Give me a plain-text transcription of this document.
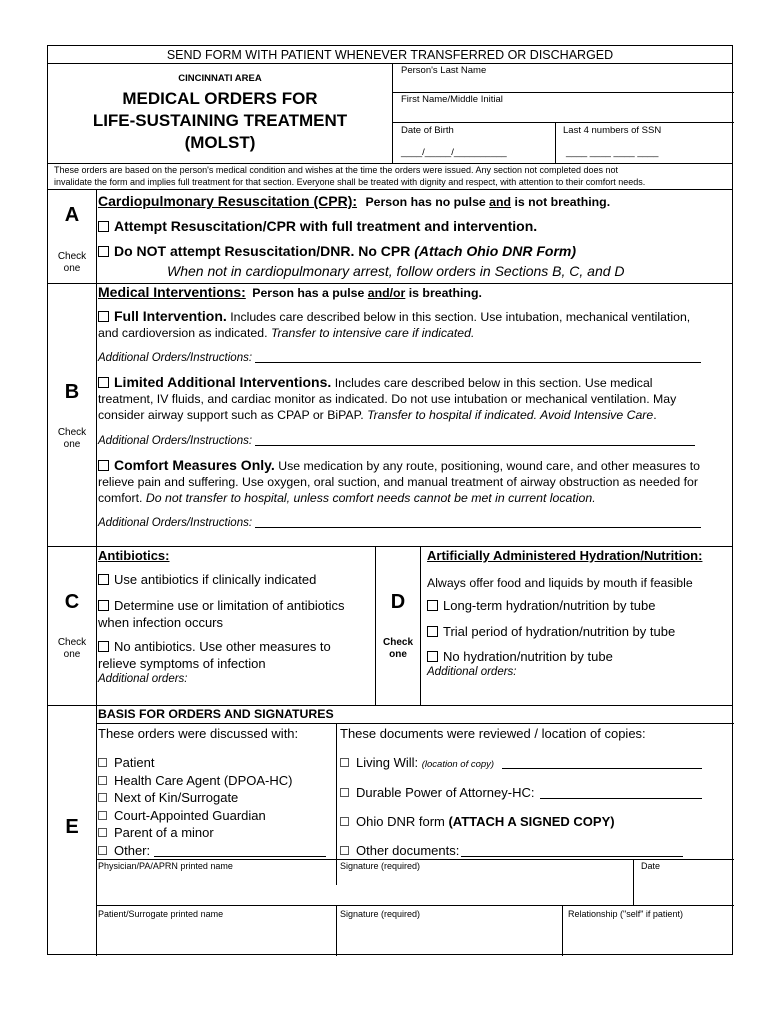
SEND FORM WITH PATIENT WHENEVER TRANSFERRED OR DISCHARGED
CINCINNATI AREA
MEDICAL ORDERS FOR
LIFE-SUSTAINING TREATMENT
(MOLST)
Person's Last Name
First Name/Middle Initial
Date of Birth
____/_____/__________
Last 4 numbers of SSN
____ ____ ____ ____
These orders are based on the person's medical condition and wishes at the time the orders were issued. Any section not completed does not
invalidate the form and implies full treatment for that section. Everyone shall be treated with dignity and respect, with attention to their comfort needs.
A
Check
one
Cardiopulmonary Resuscitation (CPR): Person has no pulse and is not breathing.
Attempt Resuscitation/CPR with full treatment and intervention.
Do NOT attempt Resuscitation/DNR. No CPR (Attach Ohio DNR Form)
When not in cardiopulmonary arrest, follow orders in Sections B, C, and D
B
Check
one
Medical Interventions: Person has a pulse and/or is breathing.
Full Intervention. Includes care described below in this section. Use intubation, mechanical ventilation,
and cardioversion as indicated. Transfer to intensive care if indicated.
Additional Orders/Instructions:
Limited Additional Interventions. Includes care described below in this section. Use medical
treatment, IV fluids, and cardiac monitor as indicated. Do not use intubation or mechanical ventilation. May
consider airway support such as CPAP or BiPAP. Transfer to hospital if indicated. Avoid Intensive Care.
Additional Orders/Instructions:
Comfort Measures Only. Use medication by any route, positioning, wound care, and other measures to
relieve pain and suffering. Use oxygen, oral suction, and manual treatment of airway obstruction as needed for
comfort. Do not transfer to hospital, unless comfort needs cannot be met in current location.
Additional Orders/Instructions:
C
Check
one
Antibiotics:
Use antibiotics if clinically indicated
Determine use or limitation of antibiotics
when infection occurs
No antibiotics. Use other measures to
relieve symptoms of infection
Additional orders:
D
Check
one
Artificially Administered Hydration/Nutrition:
Always offer food and liquids by mouth if feasible
Long-term hydration/nutrition by tube
Trial period of hydration/nutrition by tube
No hydration/nutrition by tube
Additional orders:
E
BASIS FOR ORDERS AND SIGNATURES
These orders were discussed with:	These documents were reviewed / location of copies:
Patient
Health Care Agent (DPOA-HC)
Next of Kin/Surrogate
Court-Appointed Guardian
Parent of a minor
Other:
Living Will: (location of copy)
Durable Power of Attorney-HC:
Ohio DNR form (ATTACH A SIGNED COPY)
Other documents:
Physician/PA/APRN printed name	Signature (required)	Date
Patient/Surrogate printed name	Signature (required)	Relationship ("self" if patient)
